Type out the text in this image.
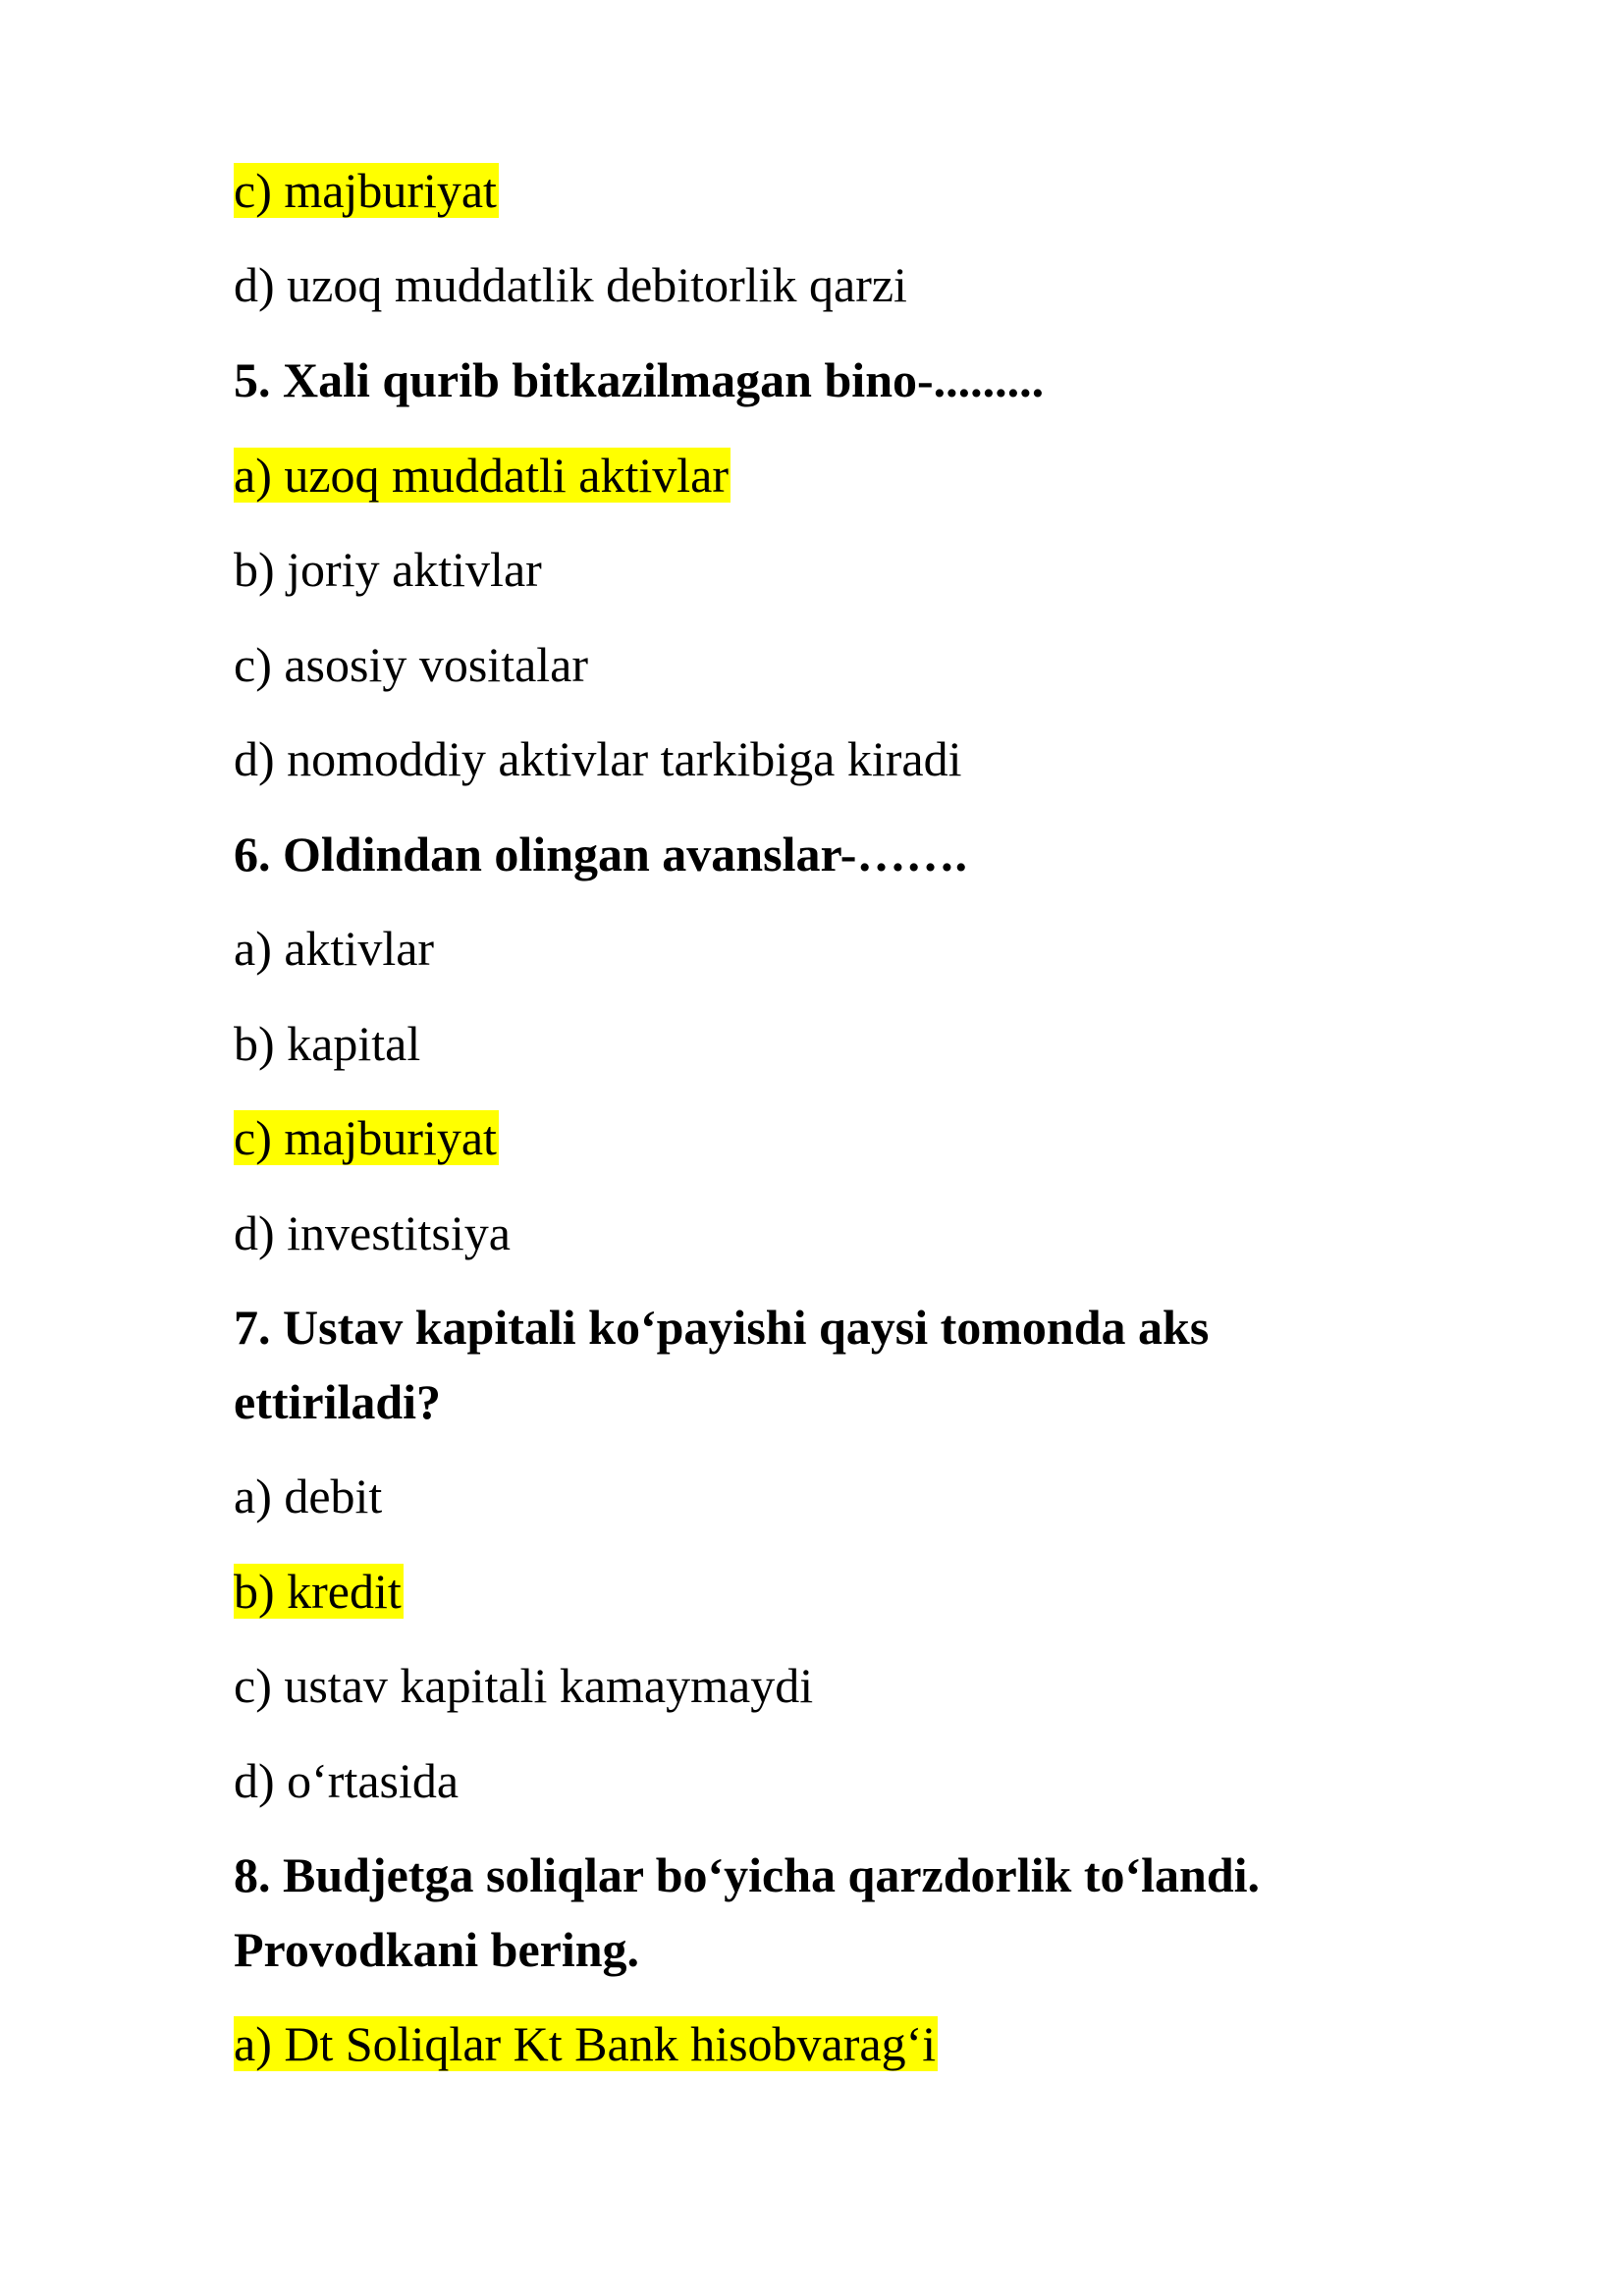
c) majburiyat

d) uzoq muddatlik debitorlik qarzi

5. Xali qurib bitkazilmagan bino-.........

a) uzoq muddatli aktivlar

b) joriy aktivlar

c) asosiy vositalar

d) nomoddiy aktivlar tarkibiga kiradi

6. Oldindan olingan avanslar-…….

a) aktivlar

b) kapital

c) majburiyat

d) investitsiya

7. Ustav kapitali ko‘payishi qaysi tomonda aks

ettiriladi?

a) debit

b) kredit

c) ustav kapitali kamaymaydi

d) o‘rtasida

8. Budjetga soliqlar bo‘yicha qarzdorlik to‘landi.

Provodkani bering.

a) Dt Soliqlar Kt Bank hisobvarag‘i
